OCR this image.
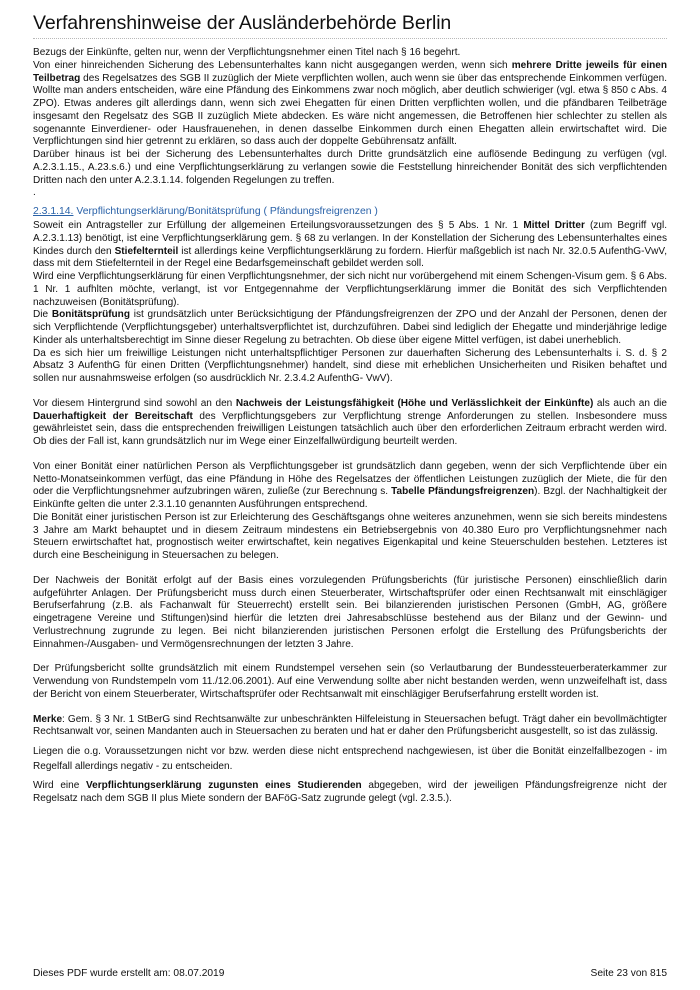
Verfahrenshinweise der Ausländerbehörde Berlin

Bezugs der Einkünfte, gelten nur, wenn der Verpflichtungsnehmer einen Titel nach § 16 begehrt.
Von einer hinreichenden Sicherung des Lebensunterhaltes kann nicht ausgegangen werden, wenn sich mehrere Dritte jeweils für einen Teilbetrag des Regelsatzes des SGB II zuzüglich der Miete verpflichten wollen, auch wenn sie über das entsprechende Einkommen verfügen. Wollte man anders entscheiden, wäre eine Pfändung des Einkommens zwar noch möglich, aber deutlich schwieriger (vgl. etwa § 850 c Abs. 4 ZPO). Etwas anderes gilt allerdings dann, wenn sich zwei Ehegatten für einen Dritten verpflichten wollen, und die pfändbaren Teilbeträge insgesamt den Regelsatz des SGB II zuzüglich Miete abdecken. Es wäre nicht angemessen, die Betroffenen hier schlechter zu stellen als sogenannte Einverdiener- oder Hausfrauenehen, in denen dasselbe Einkommen durch einen Ehegatten allein erwirtschaftet wird. Die Verpflichtungen sind hier getrennt zu erklären, so dass auch der doppelte Gebührensatz anfällt.
Darüber hinaus ist bei der Sicherung des Lebensunterhaltes durch Dritte grundsätzlich eine auflösende Bedingung zu verfügen (vgl. A.2.3.1.15., A.23.s.6.) und eine Verpflichtungserklärung zu verlangen sowie die Feststellung hinreichender Bonität des sich verpflichtenden Dritten nach den unter A.2.3.1.14. folgenden Regelungen zu treffen.
.

2.3.1.14. Verpflichtungserklärung/Bonitätsprüfung ( Pfändungsfreigrenzen )

Soweit ein Antragsteller zur Erfüllung der allgemeinen Erteilungsvoraussetzungen des § 5 Abs. 1 Nr. 1 Mittel Dritter (zum Begriff vgl. A.2.3.1.13) benötigt, ist eine Verpflichtungserklärung gem. § 68 zu verlangen. In der Konstellation der Sicherung des Lebensunterhaltes eines Kindes durch den Stiefelternteil ist allerdings keine Verpflichtungserklärung zu fordern. Hierfür maßgeblich ist nach Nr. 32.0.5 AufenthG-VwV, dass mit dem Stiefelternteil in der Regel eine Bedarfsgemeinschaft gebildet werden soll.
Wird eine Verpflichtungserklärung für einen Verpflichtungsnehmer, der sich nicht nur vorübergehend mit einem Schengen-Visum gem. § 6 Abs. 1 Nr. 1 aufhlten möchte, verlangt, ist vor Entgegennahme der Verpflichtungserklärung immer die Bonität des sich Verpflichtenden nachzuweisen (Bonitätsprüfung).
Die Bonitätsprüfung ist grundsätzlich unter Berücksichtigung der Pfändungsfreigrenzen der ZPO und der Anzahl der Personen, denen der sich Verpflichtende (Verpflichtungsgeber) unterhaltsverpflichtet ist, durchzuführen. Dabei sind lediglich der Ehegatte und minderjährige ledige Kinder als unterhaltsberechtigt im Sinne dieser Regelung zu betrachten. Ob diese über eigene Mittel verfügen, ist dabei unerheblich.
Da es sich hier um freiwillige Leistungen nicht unterhaltspflichtiger Personen zur dauerhaften Sicherung des Lebensunterhalts i. S. d. § 2 Absatz 3 AufenthG für einen Dritten (Verpflichtungsnehmer) handelt, sind diese mit erheblichen Unsicherheiten und Risiken behaftet und sollen nur ausnahmsweise erfolgen (so ausdrücklich Nr. 2.3.4.2 AufenthG- VwV).

Vor diesem Hintergrund sind sowohl an den Nachweis der Leistungsfähigkeit (Höhe und Verlässlichkeit der Einkünfte) als auch an die Dauerhaftigkeit der Bereitschaft des Verpflichtungsgebers zur Verpflichtung strenge Anforderungen zu stellen. Insbesondere muss gewährleistet sein, dass die entsprechenden freiwilligen Leistungen tatsächlich auch über den erforderlichen Zeitraum erbracht werden wird. Ob dies der Fall ist, kann grundsätzlich nur im Wege einer Einzelfallwürdigung beurteilt werden.

Von einer Bonität einer natürlichen Person als Verpflichtungsgeber ist grundsätzlich dann gegeben, wenn der sich Verpflichtende über ein Netto-Monatseinkommen verfügt, das eine Pfändung in Höhe des Regelsatzes der öffentlichen Leistungen zuzüglich der Miete, die für den oder die Verpflichtungsnehmer aufzubringen wären, zuließe (zur Berechnung s. Tabelle Pfändungsfreigrenzen). Bzgl. der Nachhaltigkeit der Einkünfte gelten die unter 2.3.1.10 genannten Ausführungen entsprechend.
Die Bonität einer juristischen Person ist zur Erleichterung des Geschäftsgangs ohne weiteres anzunehmen, wenn sie sich bereits mindestens 3 Jahre am Markt behauptet und in diesem Zeitraum mindestens ein Betriebsergebnis von 40.380 Euro pro Verpflichtungsnehmer nach Steuern erwirtschaftet hat, prognostisch weiter erwirtschaftet, kein negatives Eigenkapital und keine Steuerschulden bestehen. Letzteres ist durch eine Bescheinigung in Steuersachen zu belegen.

Der Nachweis der Bonität erfolgt auf der Basis eines vorzulegenden Prüfungsberichts (für juristische Personen) einschließlich darin aufgeführter Anlagen. Der Prüfungsbericht muss durch einen Steuerberater, Wirtschaftsprüfer oder einen Rechtsanwalt mit einschlägiger Berufserfahrung (z.B. als Fachanwalt für Steuerrecht) erstellt sein. Bei bilanzierenden juristischen Personen (GmbH, AG, größere eingetragene Vereine und Stiftungen)sind hierfür die letzten drei Jahresabschlüsse bestehend aus der Bilanz und der Gewinn- und Verlustrechnung zugrunde zu legen. Bei nicht bilanzierenden juristischen Personen erfolgt die Erstellung des Prüfungsberichts der Einnahmen-/Ausgaben- und Vermögensrechnungen der letzten 3 Jahre.

Der Prüfungsbericht sollte grundsätzlich mit einem Rundstempel versehen sein (so Verlautbarung der Bundessteuerberaterkammer zur Verwendung von Rundstempeln vom 11./12.06.2001). Auf eine Verwendung sollte aber nicht bestanden werden, wenn unzweifelhaft ist, dass der Bericht von einem Steuerberater, Wirtschaftsprüfer oder Rechtsanwalt mit einschlägiger Berufserfahrung erstellt worden ist.

Merke: Gem. § 3 Nr. 1 StBerG sind Rechtsanwälte zur unbeschränkten Hilfeleistung in Steuersachen befugt. Trägt daher ein bevollmächtigter Rechtsanwalt vor, seinen Mandanten auch in Steuersachen zu beraten und hat er daher den Prüfungsbericht ausgestellt, so ist das zulässig.

Liegen die o.g. Voraussetzungen nicht vor bzw. werden diese nicht entsprechend nachgewiesen, ist über die Bonität einzelfallbezogen - im Regelfall allerdings negativ - zu entscheiden.

Wird eine Verpflichtungserklärung zugunsten eines Studierenden abgegeben, wird der jeweiligen Pfändungsfreigrenze nicht der Regelsatz nach dem SGB II plus Miete sondern der BAFöG-Satz zugrunde gelegt (vgl. 2.3.5.).

Dieses PDF wurde erstellt am: 08.07.2019	Seite 23 von 815
